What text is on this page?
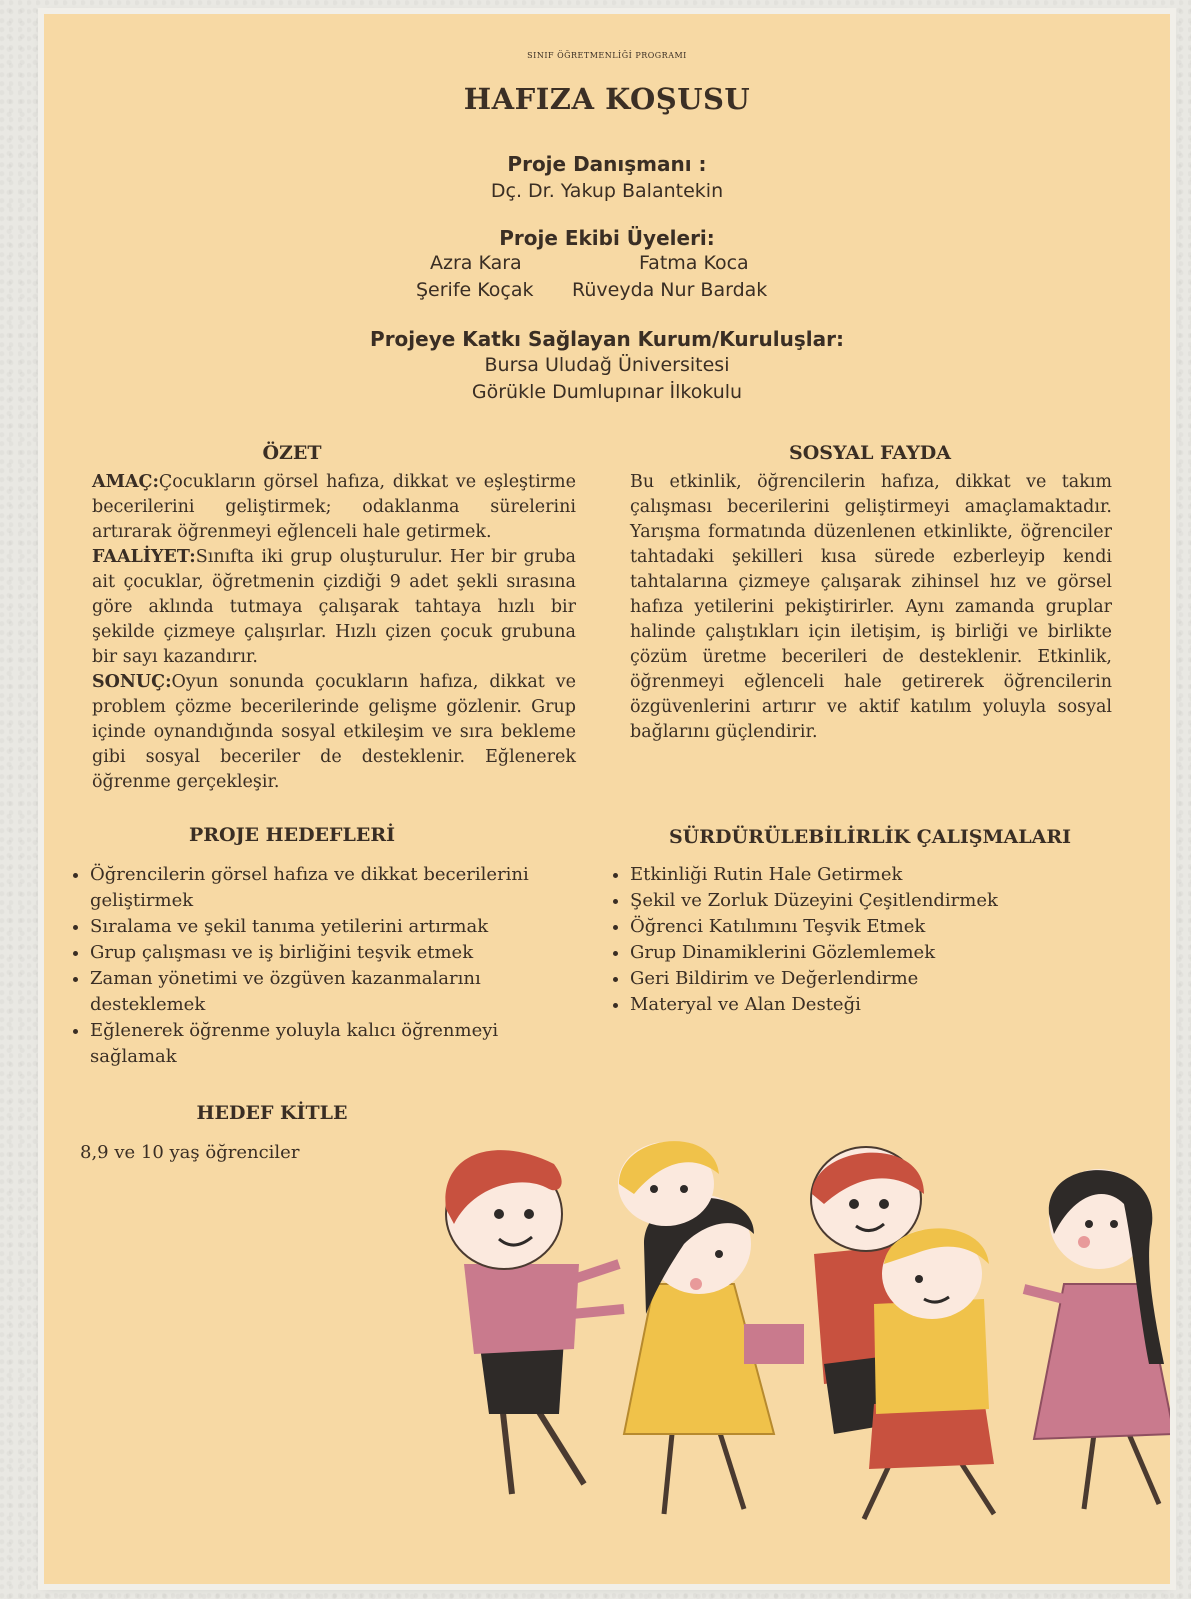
SINIF ÖĞRETMENLİĞİ PROGRAMI
HAFIZA KOŞUSU
Proje Danışmanı :
Dç. Dr. Yakup Balantekin
Proje Ekibi Üyeleri:
Azra Kara	Fatma Koca
Şerife Koçak	Rüveyda Nur Bardak
Projeye Katkı Sağlayan Kurum/Kuruluşlar:
Bursa Uludağ Üniversitesi
Görükle Dumlupınar İlkokulu
ÖZET
AMAÇ:Çocukların görsel hafıza, dikkat ve eşleştirme becerilerini geliştirmek; odaklanma sürelerini artırarak öğrenmeyi eğlenceli hale getirmek.
FAALİYET:Sınıfta iki grup oluşturulur. Her bir gruba ait çocuklar, öğretmenin çizdiği 9 adet şekli sırasına göre aklında tutmaya çalışarak tahtaya hızlı bir şekilde çizmeye çalışırlar. Hızlı çizen çocuk grubuna bir sayı kazandırır.
SONUÇ:Oyun sonunda çocukların hafıza, dikkat ve problem çözme becerilerinde gelişme gözlenir. Grup içinde oynandığında sosyal etkileşim ve sıra bekleme gibi sosyal beceriler de desteklenir. Eğlenerek öğrenme gerçekleşir.
SOSYAL FAYDA
Bu etkinlik, öğrencilerin hafıza, dikkat ve takım çalışması becerilerini geliştirmeyi amaçlamaktadır. Yarışma formatında düzenlenen etkinlikte, öğrenciler tahtadaki şekilleri kısa sürede ezberleyip kendi tahtalarına çizmeye çalışarak zihinsel hız ve görsel hafıza yetilerini pekiştirirler. Aynı zamanda gruplar halinde çalıştıkları için iletişim, iş birliği ve birlikte çözüm üretme becerileri de desteklenir. Etkinlik, öğrenmeyi eğlenceli hale getirerek öğrencilerin özgüvenlerini artırır ve aktif katılım yoluyla sosyal bağlarını güçlendirir.
PROJE HEDEFLERİ
• Öğrencilerin görsel hafıza ve dikkat becerilerini geliştirmek
• Sıralama ve şekil tanıma yetilerini artırmak
• Grup çalışması ve iş birliğini teşvik etmek
• Zaman yönetimi ve özgüven kazanmalarını desteklemek
• Eğlenerek öğrenme yoluyla kalıcı öğrenmeyi sağlamak
SÜRDÜRÜLEBİLİRLİK ÇALIŞMALARI
• Etkinliği Rutin Hale Getirmek
• Şekil ve Zorluk Düzeyini Çeşitlendirmek
• Öğrenci Katılımını Teşvik Etmek
• Grup Dinamiklerini Gözlemlemek
• Geri Bildirim ve Değerlendirme
• Materyal ve Alan Desteği
HEDEF KİTLE
8,9 ve 10 yaş öğrenciler
